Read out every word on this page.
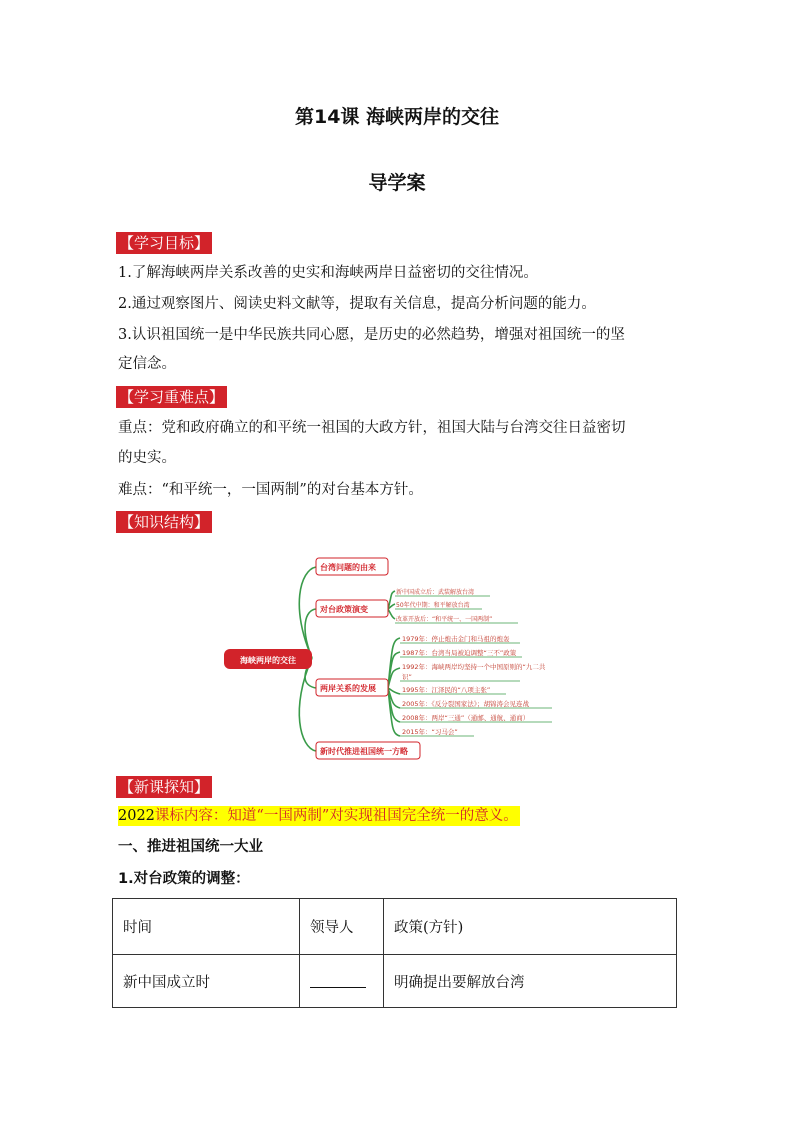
第14课 海峡两岸的交往
导学案
【学习目标】
1.了解海峡两岸关系改善的史实和海峡两岸日益密切的交往情况。
2.通过观察图片、阅读史料文献等，提取有关信息，提高分析问题的能力。
3.认识祖国统一是中华民族共同心愿，是历史的必然趋势，增强对祖国统一的坚
定信念。
【学习重难点】
重点：党和政府确立的和平统一祖国的大政方针，祖国大陆与台湾交往日益密切
的史实。
难点：“和平统一，一国两制”的对台基本方针。
【知识结构】
海峡两岸的交往
台湾问题的由来
对台政策演变
两岸关系的发展
新时代推进祖国统一方略
新中国成立后：武装解放台湾
50年代中期：和平解放台湾
改革开放后：“和平统一、一国两制”
1979年：停止炮击金门和马祖的炮轰
1987年：台湾当局被迫调整“三不”政策
1992年：海峡两岸均坚持一个中国原则的“九二共
识”
1995年：江泽民的“八项主张”
2005年：《反分裂国家法》；胡锦涛会见连战
2008年：两岸“三通”（通邮、通航、通商）
2015年：“习马会”
【新课探知】
2022课标内容：知道“一国两制”对实现祖国完全统一的意义。
一、推进祖国统一大业
1.对台政策的调整：
时间	领导人	政策(方针)
新中国成立时		明确提出要解放台湾
